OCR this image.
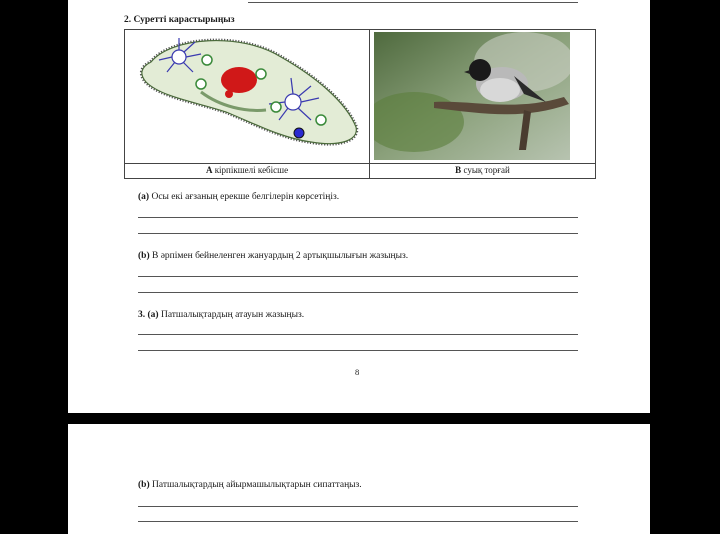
2. Суретті карастырыңыз
А кірпікшелі кебісше	B суық торғай
(a) Осы екі ағзаның ерекше белгілерін көрсетіңіз.
(b) В әрпімен бейнеленген жануардың 2 артықшылығын жазыңыз.
3. (a) Патшалықтардың атауын жазыңыз.
8
(b) Патшалықтардың айырмашылықтарын сипаттаңыз.
